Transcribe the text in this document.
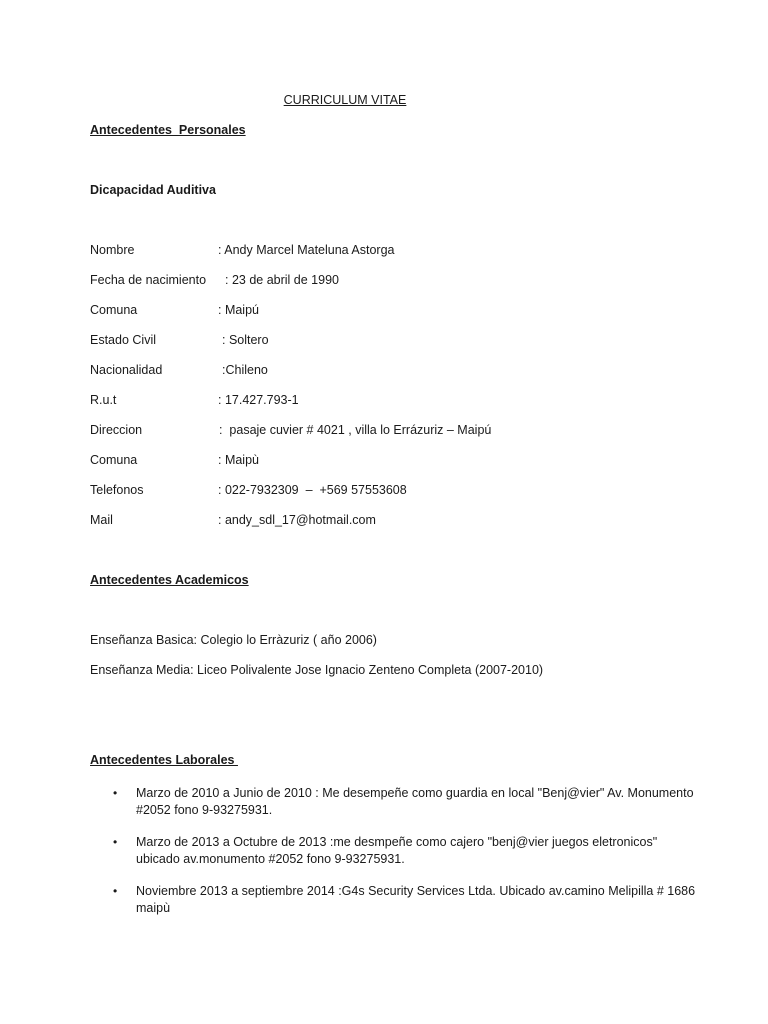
CURRICULUM VITAE
Antecedentes  Personales
Dicapacidad Auditiva
Nombre	: Andy Marcel Mateluna Astorga
Fecha de nacimiento : 23 de abril de 1990
Comuna	: Maipú
Estado Civil	: Soltero
Nacionalidad	:Chileno
R.u.t	: 17.427.793-1
Direccion	:  pasaje cuvier # 4021 , villa lo Errázuriz – Maipú
Comuna	: Maipù
Telefonos	: 022-7932309  –  +569 57553608
Mail	: andy_sdl_17@hotmail.com
Antecedentes Academicos
Enseñanza Basica: Colegio lo Erràzuriz ( año 2006)
Enseñanza Media: Liceo Polivalente Jose Ignacio Zenteno Completa (2007-2010)
Antecedentes Laborales
• Marzo de 2010 a Junio de 2010 : Me desempeñe como guardia en local "Benj@vier" Av. Monumento #2052 fono 9-93275931.
• Marzo de 2013 a Octubre de 2013 :me desmpeñe como cajero "benj@vier juegos eletronicos" ubicado av.monumento #2052 fono 9-93275931.
• Noviembre 2013 a septiembre 2014 :G4s Security Services Ltda. Ubicado av.camino Melipilla # 1686 maipù
